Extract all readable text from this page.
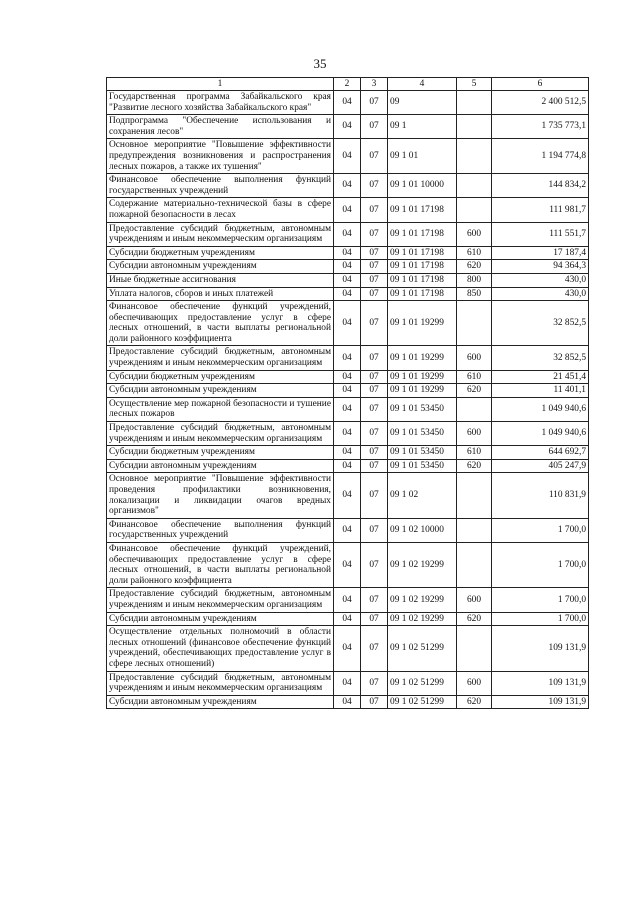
35
1	2	3	4	5	6
Государственная программа Забайкальского края "Развитие лесного хозяйства Забайкальского края"	04	07	09		2 400 512,5
Подпрограмма "Обеспечение использования и сохранения лесов"	04	07	09 1		1 735 773,1
Основное мероприятие "Повышение эффективности предупреждения возникновения и распространения лесных пожаров, а также их тушения"	04	07	09 1 01		1 194 774,8
Финансовое обеспечение выполнения функций государственных учреждений	04	07	09 1 01 10000		144 834,2
Содержание материально-технической базы в сфере пожарной безопасности в лесах	04	07	09 1 01 17198		111 981,7
Предоставление субсидий бюджетным, автономным учреждениям и иным некоммерческим организациям	04	07	09 1 01 17198	600	111 551,7
Субсидии бюджетным учреждениям	04	07	09 1 01 17198	610	17 187,4
Субсидии автономным учреждениям	04	07	09 1 01 17198	620	94 364,3
Иные бюджетные ассигнования	04	07	09 1 01 17198	800	430,0
Уплата налогов, сборов и иных платежей	04	07	09 1 01 17198	850	430,0
Финансовое обеспечение функций учреждений, обеспечивающих предоставление услуг в сфере лесных отношений, в части выплаты региональной доли районного коэффициента	04	07	09 1 01 19299		32 852,5
Предоставление субсидий бюджетным, автономным учреждениям и иным некоммерческим организациям	04	07	09 1 01 19299	600	32 852,5
Субсидии бюджетным учреждениям	04	07	09 1 01 19299	610	21 451,4
Субсидии автономным учреждениям	04	07	09 1 01 19299	620	11 401,1
Осуществление мер пожарной безопасности и тушение лесных пожаров	04	07	09 1 01 53450		1 049 940,6
Предоставление субсидий бюджетным, автономным учреждениям и иным некоммерческим организациям	04	07	09 1 01 53450	600	1 049 940,6
Субсидии бюджетным учреждениям	04	07	09 1 01 53450	610	644 692,7
Субсидии автономным учреждениям	04	07	09 1 01 53450	620	405 247,9
Основное мероприятие "Повышение эффективности проведения профилактики возникновения, локализации и ликвидации очагов вредных организмов"	04	07	09 1 02		110 831,9
Финансовое обеспечение выполнения функций государственных учреждений	04	07	09 1 02 10000		1 700,0
Финансовое обеспечение функций учреждений, обеспечивающих предоставление услуг в сфере лесных отношений, в части выплаты региональной доли районного коэффициента	04	07	09 1 02 19299		1 700,0
Предоставление субсидий бюджетным, автономным учреждениям и иным некоммерческим организациям	04	07	09 1 02 19299	600	1 700,0
Субсидии автономным учреждениям	04	07	09 1 02 19299	620	1 700,0
Осуществление отдельных полномочий в области лесных отношений (финансовое обеспечение функций учреждений, обеспечивающих предоставление услуг в сфере лесных отношений)	04	07	09 1 02 51299		109 131,9
Предоставление субсидий бюджетным, автономным учреждениям и иным некоммерческим организациям	04	07	09 1 02 51299	600	109 131,9
Субсидии автономным учреждениям	04	07	09 1 02 51299	620	109 131,9
